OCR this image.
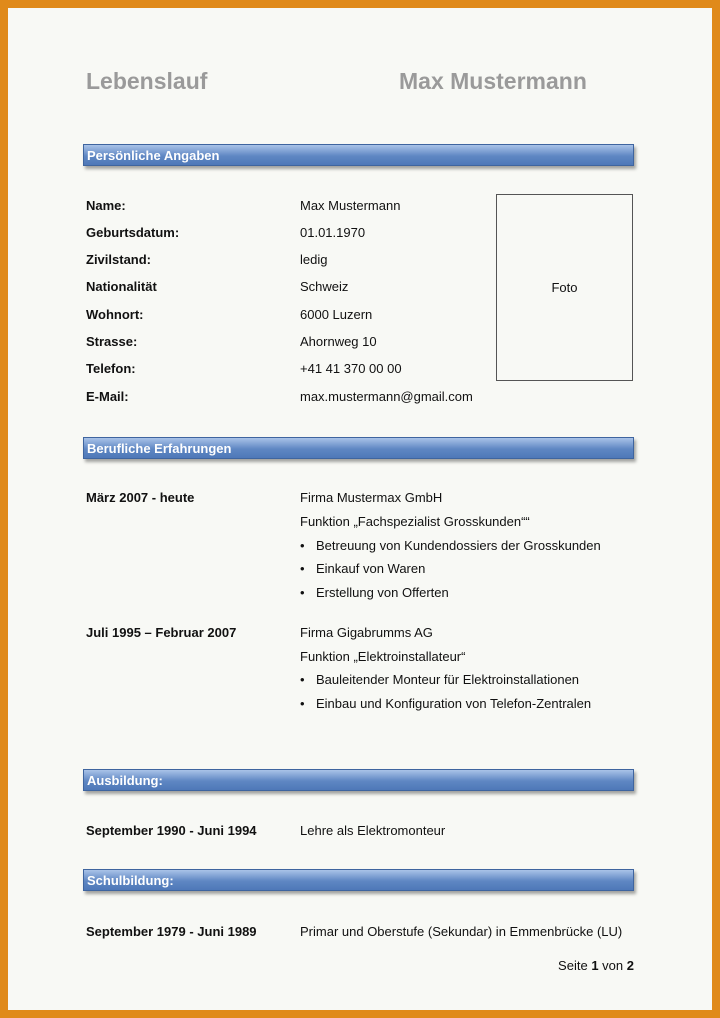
Lebenslauf	Max Mustermann
Persönliche Angaben
Name:	Max Mustermann
Geburtsdatum:	01.01.1970
Zivilstand:	ledig
Nationalität	Schweiz
Wohnort:	6000 Luzern
Strasse:	Ahornweg 10
Telefon:	+41 41 370 00 00
E-Mail:	max.mustermann@gmail.com
Foto
Berufliche Erfahrungen
März 2007 - heute	Firma Mustermax GmbH
Funktion „Fachspezialist Grosskunden““
• Betreuung von Kundendossiers der Grosskunden
• Einkauf von Waren
• Erstellung von Offerten
Juli 1995 – Februar 2007	Firma Gigabrumms AG
Funktion „Elektroinstallateur“
• Bauleitender Monteur für Elektroinstallationen
• Einbau und Konfiguration von Telefon-Zentralen
Ausbildung:
September 1990 - Juni 1994	Lehre als Elektromonteur
Schulbildung:
September 1979 - Juni 1989	Primar und Oberstufe (Sekundar) in Emmenbrücke (LU)
Seite 1 von 2
